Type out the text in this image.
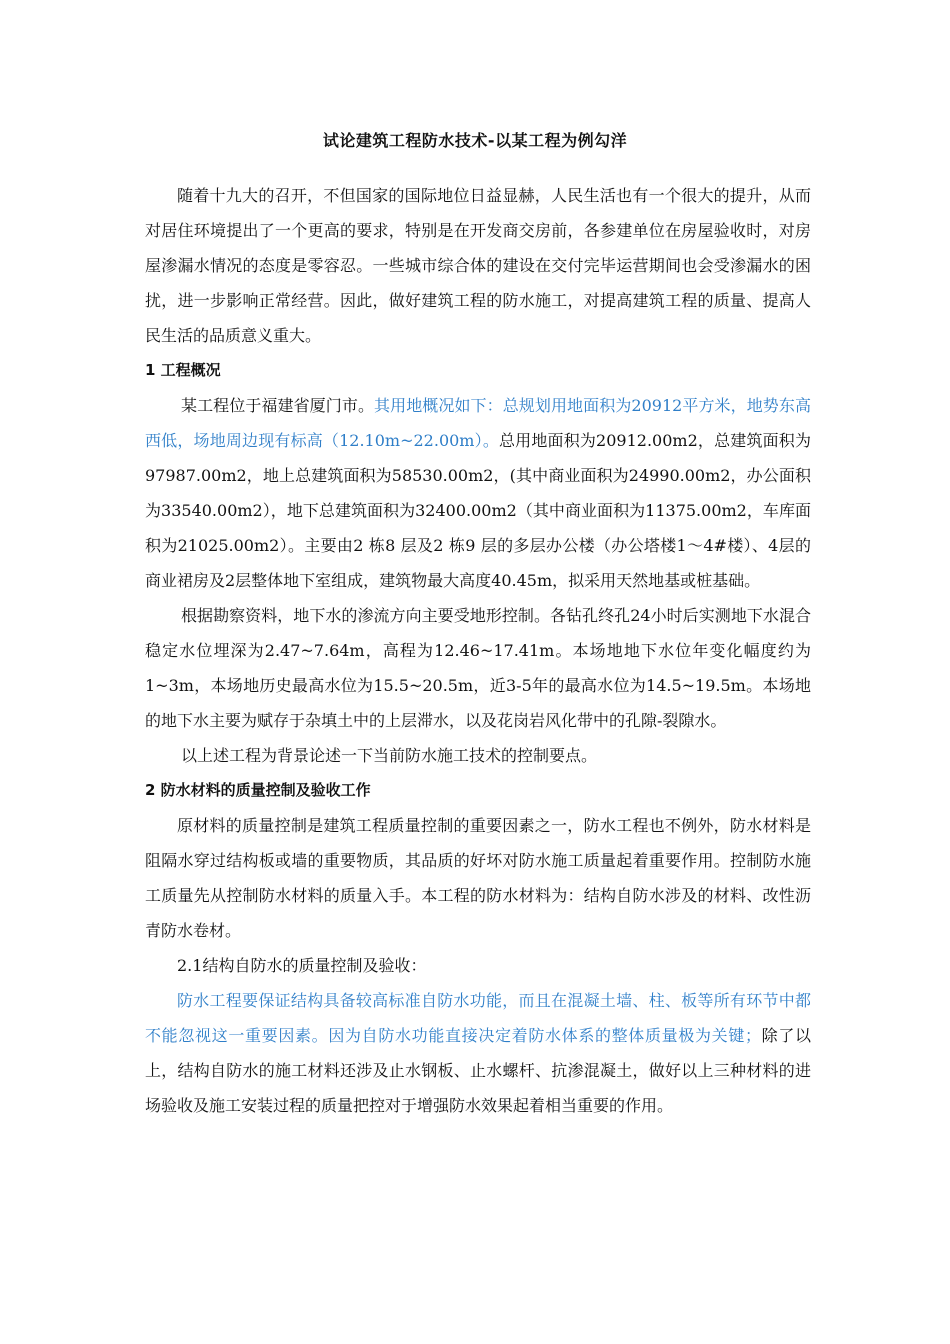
试论建筑工程防水技术-以某工程为例勾洋

随着十九大的召开，不但国家的国际地位日益显赫，人民生活也有一个很大的提升，从而对居住环境提出了一个更高的要求，特别是在开发商交房前，各参建单位在房屋验收时，对房屋渗漏水情况的态度是零容忍。一些城市综合体的建设在交付完毕运营期间也会受渗漏水的困扰，进一步影响正常经营。因此，做好建筑工程的防水施工，对提高建筑工程的质量、提高人民生活的品质意义重大。

1 工程概况

某工程位于福建省厦门市。其用地概况如下：总规划用地面积为20912平方米，地势东高西低，场地周边现有标高（12.10m~22.00m）。总用地面积为20912.00m2，总建筑面积为97987.00m2，地上总建筑面积为58530.00m2，(其中商业面积为24990.00m2，办公面积为33540.00m2），地下总建筑面积为32400.00m2（其中商业面积为11375.00m2，车库面积为21025.00m2）。主要由2 栋8 层及2 栋9 层的多层办公楼（办公塔楼1～4#楼）、4层的商业裙房及2层整体地下室组成，建筑物最大高度40.45m，拟采用天然地基或桩基础。

根据勘察资料，地下水的渗流方向主要受地形控制。各钻孔终孔24小时后实测地下水混合稳定水位埋深为2.47~7.64m，高程为12.46~17.41m。本场地地下水位年变化幅度约为1~3m，本场地历史最高水位为15.5~20.5m，近3-5年的最高水位为14.5~19.5m。本场地的地下水主要为赋存于杂填土中的上层滞水，以及花岗岩风化带中的孔隙-裂隙水。

以上述工程为背景论述一下当前防水施工技术的控制要点。

2 防水材料的质量控制及验收工作

原材料的质量控制是建筑工程质量控制的重要因素之一，防水工程也不例外，防水材料是阻隔水穿过结构板或墙的重要物质，其品质的好坏对防水施工质量起着重要作用。控制防水施工质量先从控制防水材料的质量入手。本工程的防水材料为：结构自防水涉及的材料、改性沥青防水卷材。

2.1结构自防水的质量控制及验收：

防水工程要保证结构具备较高标准自防水功能，而且在混凝土墙、柱、板等所有环节中都不能忽视这一重要因素。因为自防水功能直接决定着防水体系的整体质量极为关键；除了以上，结构自防水的施工材料还涉及止水钢板、止水螺杆、抗渗混凝土，做好以上三种材料的进场验收及施工安装过程的质量把控对于增强防水效果起着相当重要的作用。
